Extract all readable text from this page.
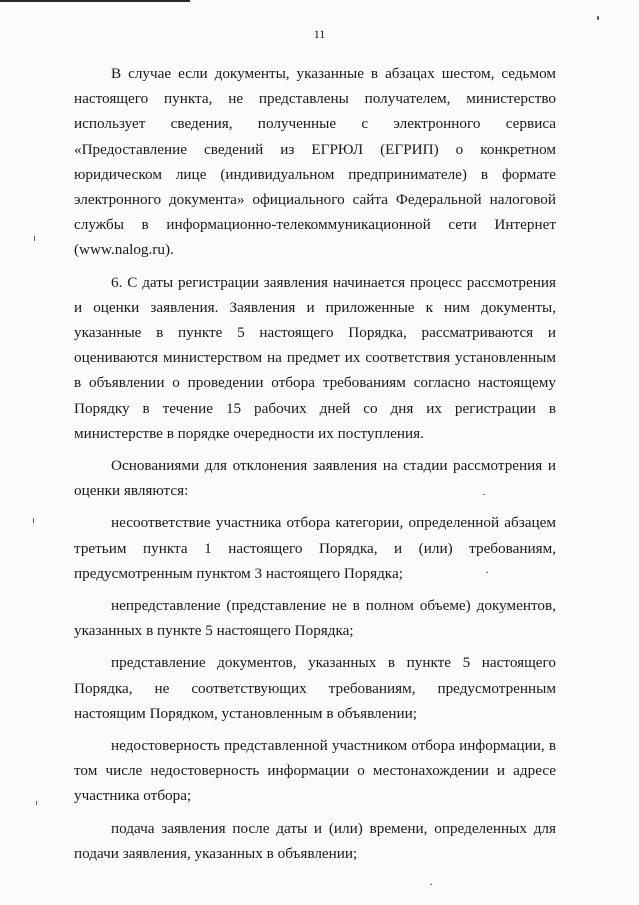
11

В случае если документы, указанные в абзацах шестом, седьмом настоящего пункта, не представлены получателем, министерство использует сведения, полученные с электронного сервиса «Предоставление сведений из ЕГРЮЛ (ЕГРИП) о конкретном юридическом лице (индивидуальном предпринимателе) в формате электронного документа» официального сайта Федеральной налоговой службы в информационно-телекоммуникационной сети Интернет (www.nalog.ru).

6. С даты регистрации заявления начинается процесс рассмотрения и оценки заявления. Заявления и приложенные к ним документы, указанные в пункте 5 настоящего Порядка, рассматриваются и оцениваются министерством на предмет их соответствия установленным в объявлении о проведении отбора требованиям согласно настоящему Порядку в течение 15 рабочих дней со дня их регистрации в министерстве в порядке очередности их поступления.

Основаниями для отклонения заявления на стадии рассмотрения и оценки являются:

несоответствие участника отбора категории, определенной абзацем третьим пункта 1 настоящего Порядка, и (или) требованиям, предусмотренным пунктом 3 настоящего Порядка;

непредставление (представление не в полном объеме) документов, указанных в пункте 5 настоящего Порядка;

представление документов, указанных в пункте 5 настоящего Порядка, не соответствующих требованиям, предусмотренным настоящим Порядком, установленным в объявлении;

недостоверность представленной участником отбора информации, в том числе недостоверность информации о местонахождении и адресе участника отбора;

подача заявления после даты и (или) времени, определенных для подачи заявления, указанных в объявлении;
